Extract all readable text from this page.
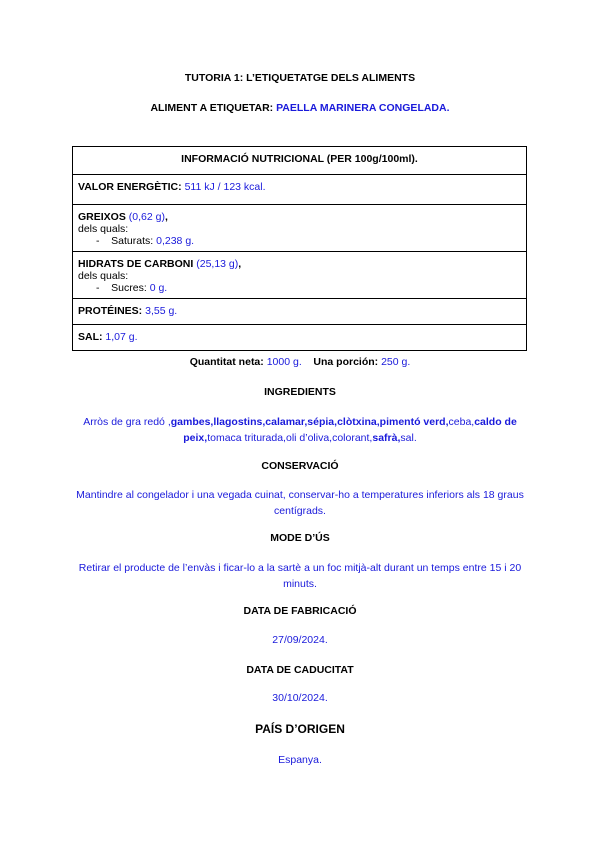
TUTORIA 1: L’ETIQUETATGE DELS ALIMENTS
ALIMENT A ETIQUETAR: PAELLA MARINERA CONGELADA.
INFORMACIÓ NUTRICIONAL (PER 100g/100ml).
VALOR ENERGÈTIC: 511 kJ / 123 kcal.

GREIXOS (0,62 g),
dels quals:
- Saturats: 0,238 g.

HIDRATS DE CARBONI (25,13 g),
dels quals:
- Sucres: 0 g.

PROTÉINES: 3,55 g.
SAL: 1,07 g.
Quantitat neta: 1000 g. Una porción: 250 g.
INGREDIENTS
Arròs de gra redó ,gambes,llagostins,calamar,sépia,clòtxina,pimentó verd,ceba,caldo de peix,tomaca triturada,oli d’oliva,colorant,safrà,sal.
CONSERVACIÓ
Mantindre al congelador i una vegada cuinat, conservar-ho a temperatures inferiors als 18 graus centígrads.
MODE D’ÚS
Retirar el producte de l’envàs i ficar-lo a la sartè a un foc mitjà-alt durant un temps entre 15 i 20 minuts.
DATA DE FABRICACIÓ
27/09/2024.
DATA DE CADUCITAT
30/10/2024.
PAÍS D’ORIGEN
Espanya.
